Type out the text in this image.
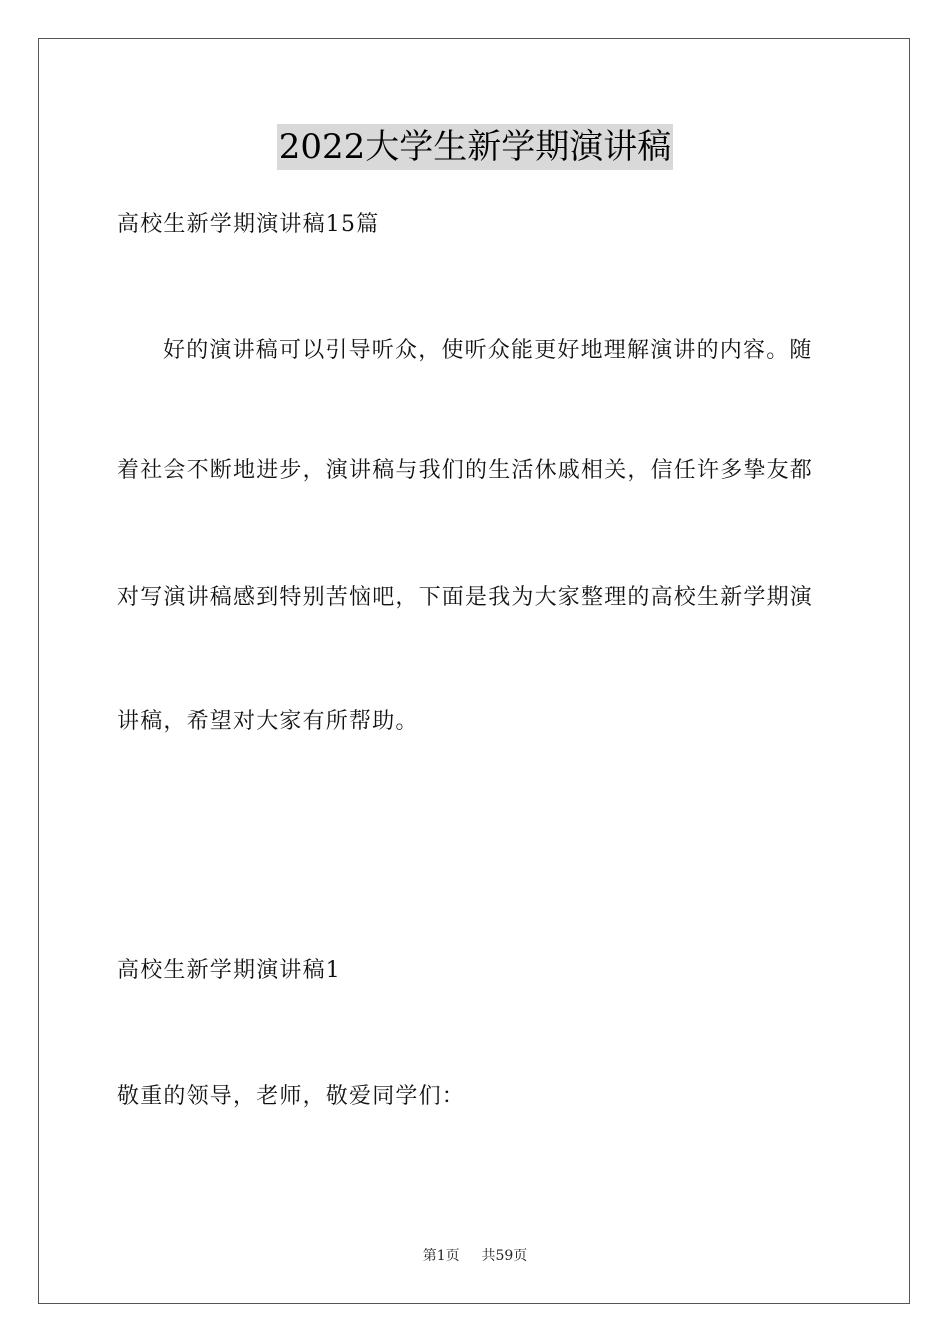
2022大学生新学期演讲稿
高校生新学期演讲稿15篇
好的演讲稿可以引导听众，使听众能更好地理解演讲的内容。随
着社会不断地进步，演讲稿与我们的生活休戚相关，信任许多挚友都
对写演讲稿感到特别苦恼吧，下面是我为大家整理的高校生新学期演
讲稿，希望对大家有所帮助。
高校生新学期演讲稿1
敬重的领导，老师，敬爱同学们：
第1页 共59页
